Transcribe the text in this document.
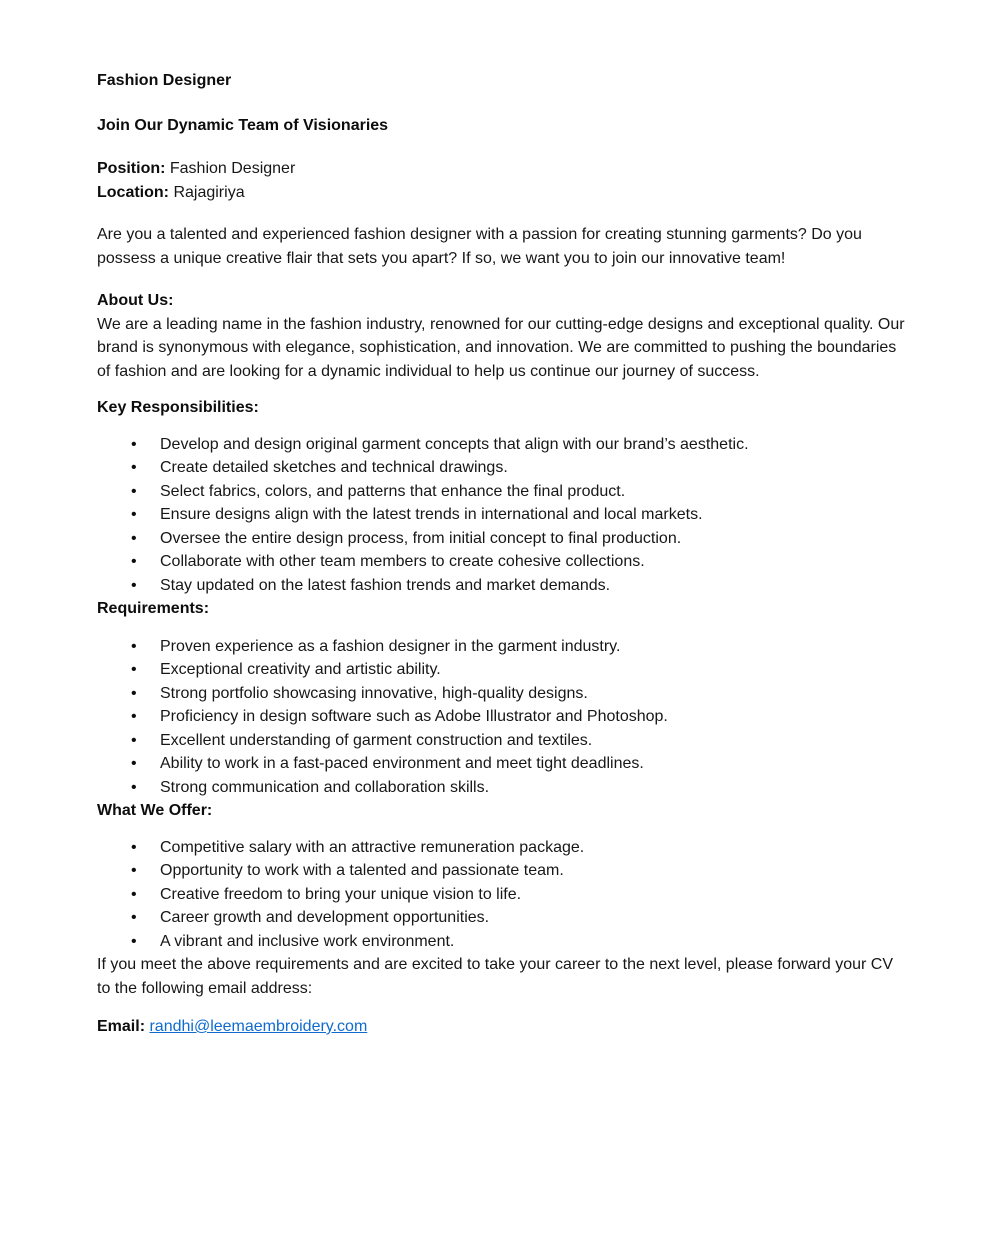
Fashion Designer

Join Our Dynamic Team of Visionaries

Position: Fashion Designer

Location: Rajagiriya

Are you a talented and experienced fashion designer with a passion for creating stunning garments? Do you possess a unique creative flair that sets you apart? If so, we want you to join our innovative team!

About Us:

We are a leading name in the fashion industry, renowned for our cutting-edge designs and exceptional quality. Our brand is synonymous with elegance, sophistication, and innovation. We are committed to pushing the boundaries of fashion and are looking for a dynamic individual to help us continue our journey of success.

Key Responsibilities:

• Develop and design original garment concepts that align with our brand’s aesthetic.
• Create detailed sketches and technical drawings.
• Select fabrics, colors, and patterns that enhance the final product.
• Ensure designs align with the latest trends in international and local markets.
• Oversee the entire design process, from initial concept to final production.
• Collaborate with other team members to create cohesive collections.
• Stay updated on the latest fashion trends and market demands.

Requirements:

• Proven experience as a fashion designer in the garment industry.
• Exceptional creativity and artistic ability.
• Strong portfolio showcasing innovative, high-quality designs.
• Proficiency in design software such as Adobe Illustrator and Photoshop.
• Excellent understanding of garment construction and textiles.
• Ability to work in a fast-paced environment and meet tight deadlines.
• Strong communication and collaboration skills.

What We Offer:

• Competitive salary with an attractive remuneration package.
• Opportunity to work with a talented and passionate team.
• Creative freedom to bring your unique vision to life.
• Career growth and development opportunities.
• A vibrant and inclusive work environment.

If you meet the above requirements and are excited to take your career to the next level, please forward your CV to the following email address:

Email: randhi@leemaembroidery.com
